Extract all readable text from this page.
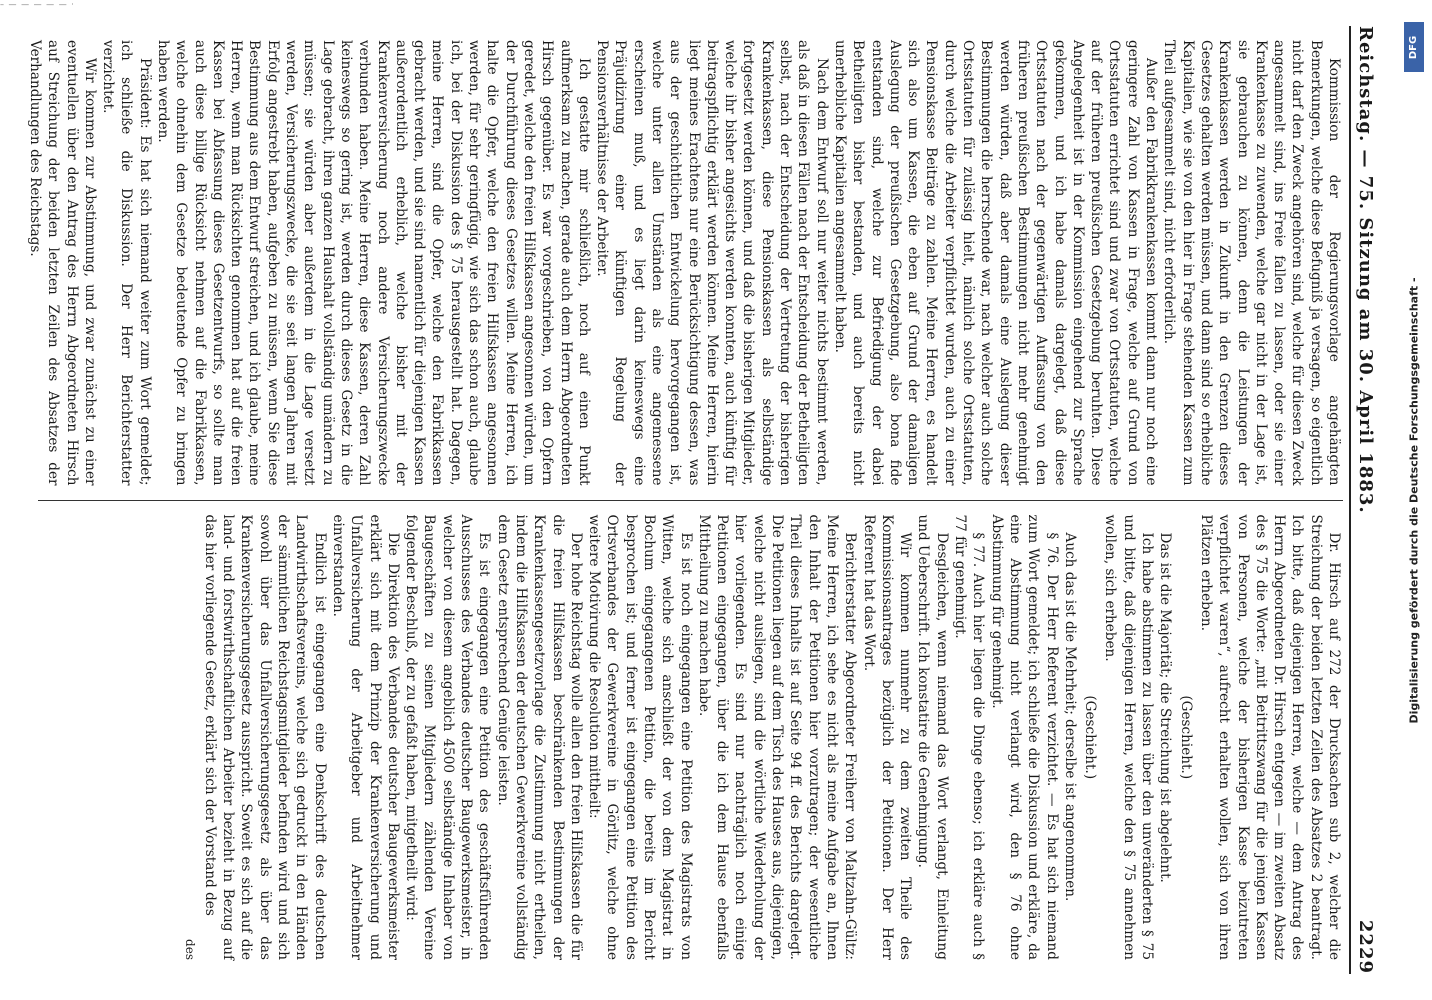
– — — — — — ·
Reichstag. — 75. Sitzung am 30. April 1883.
2229

Kommission der Regierungsvorlage angehängten Bemerkungen, welche diese Befugniß ja versagen, so eigentlich nicht darf den Zweck angehören sind, welche für diesen Zweck angesammelt sind, ins Freie fallen zu lassen, oder sie einer Krankenkasse zu zuwenden, welche gar nicht in der Lage ist, sie gebrauchen zu können, denn die Leistungen der Krankenkassen werden in Zukunft in den Grenzen dieses Gesetzes gehalten werden müssen, und dann sind so erhebliche Kapitalien, wie sie von den hier in Frage stehenden Kassen zum Theil aufgesammelt sind, nicht erforderlich.

Außer den Fabrikkrankenkassen kommt dann nur noch eine geringere Zahl von Kassen in Frage, welche auf Grund von Ortsstatuten errichtet sind und zwar von Ortsstatuten, welche auf der früheren preußischen Gesetzgebung beruhten. Diese Angelegenheit ist in der Kommission eingehend zur Sprache gekommen, und ich habe damals dargelegt, daß diese Ortsstatuten nach der gegenwärtigen Auffassung von den früheren preußischen Bestimmungen nicht mehr genehmigt werden würden, daß aber damals eine Auslegung dieser Bestimmungen die herrschende war, nach welcher auch solche Ortsstatuten für zulässig hielt, nämlich solche Ortsstatuten, durch welche die Arbeiter verpflichtet wurden, auch zu einer Pensionskasse Beiträge zu zahlen. Meine Herren, es handelt sich also um Kassen, die eben auf Grund der damaligen Auslegung der preußischen Gesetzgebung, also bona fide entstanden sind, welche zur Befriedigung der dabei Betheiligten bisher bestanden, und auch bereits nicht unerhebliche Kapitalien angesammelt haben.

Nach dem Entwurf soll nur weiter nichts bestimmt werden, als daß in diesen Fällen nach der Entscheidung der Betheiligten selbst, nach der Entscheidung der Vertretung der bisherigen Krankenkassen, diese Pensionskassen als selbständige fortgesetzt werden können, und daß die bisherigen Mitglieder, welche ihr bisher angesichts werden konnten, auch künftig für beitragspflichtig erklärt werden können. Meine Herren, hierin liegt meines Erachtens nur eine Berücksichtigung dessen, was aus der geschichtlichen Entwickelung hervorgegangen ist, welche unter allen Umständen als eine angemessene erscheinen muß, und es liegt darin keineswegs eine Präjudizirung einer künftigen Regelung der Pensionsverhältnisse der Arbeiter.

Ich gestatte mir schließlich, noch auf einen Punkt aufmerksam zu machen, gerade auch dem Herrn Abgeordneten Hirsch gegenüber. Es war vorgeschrieben, von den Opfern geredet, welche den freien Hilfskassen angesonnen würden, um der Durchführung dieses Gesetzes willen. Meine Herren, ich halte die Opfer, welche den freien Hilfskassen angesonnen werden, für sehr geringfügig, wie sich das schon auch, glaube ich, bei der Diskussion des § 75 herausgestellt hat. Dagegen, meine Herren, sind die Opfer, welche den Fabrikkassen gebracht werden, und sie sind namentlich für diejenigen Kassen außerordentlich erheblich, welche bisher mit der Krankenversicherung noch andere Versicherungszwecke verbunden haben. Meine Herren, diese Kassen, deren Zahl keineswegs so gering ist, werden durch dieses Gesetz in die Lage gebracht, ihren ganzen Haushalt vollständig umändern zu müssen; sie würden aber außerdem in die Lage versetzt werden, Versicherungszwecke, die sie seit langen Jahren mit Erfolg angestrebt haben, aufgeben zu müssen, wenn Sie diese Bestimmung aus dem Entwurf streichen, und ich glaube, meine Herren, wenn man Rücksichten genommen hat auf die freien Kassen bei Abfassung dieses Gesetzentwurfs, so sollte man auch diese billige Rücksicht nehmen auf die Fabrikkassen, welche ohnehin dem Gesetze bedeutende Opfer zu bringen haben werden.

Präsident: Es hat sich niemand weiter zum Wort gemeldet; ich schließe die Diskussion. Der Herr Berichterstatter verzichtet.

Wir kommen zur Abstimmung, und zwar zunächst zu einer eventuellen über den Antrag des Herrn Abgeordneten Hirsch auf Streichung der beiden letzten Zeilen des Absatzes der Verhandlungen des Reichstags.

Dr. Hirsch auf 272 der Drucksachen sub 2, welcher die Streichung der beiden letzten Zeilen des Absatzes 2 beantragt. Ich bitte, daß diejenigen Herren, welche — dem Antrag des Herrn Abgeordneten Dr. Hirsch entgegen — im zweiten Absatz des § 75 die Worte: „mit Beitrittszwang für die jenigen Kassen von Personen, welche der bisherigen Kasse beizutreten verpflichtet waren“, aufrecht erhalten wollen, sich von ihren Plätzen erheben.

(Geschieht.)

Das ist die Majorität; die Streichung ist abgelehnt.

Ich habe abstimmen zu lassen über den unveränderten § 75 und bitte, daß diejenigen Herren, welche den § 75 annehmen wollen, sich erheben.

(Geschieht.)

Auch das ist die Mehrheit; derselbe ist angenommen.

§ 76. Der Herr Referent verzichtet. — Es hat sich niemand zum Wort gemeldet; ich schließe die Diskussion und erkläre, da eine Abstimmung nicht verlangt wird, den § 76 ohne Abstimmung für genehmigt.

§ 77. Auch hier liegen die Dinge ebenso; ich erkläre auch § 77 für genehmigt.

Desgleichen, wenn niemand das Wort verlangt, Einleitung und Ueberschrift. Ich konstatire die Genehmigung.

Wir kommen nunmehr zu dem zweiten Theile des Kommissionsantrages bezüglich der Petitionen. Der Herr Referent hat das Wort.

Berichterstatter Abgeordneter Freiherr von Maltzahn-Gültz: Meine Herren, ich sehe es nicht als meine Aufgabe an, Ihnen den Inhalt der Petitionen hier vorzutragen; der wesentliche Theil dieses Inhalts ist auf Seite 94 ff. des Berichts dargelegt. Die Petitionen liegen auf dem Tisch des Hauses aus, diejenigen, welche nicht ausliegen, sind die wörtliche Wiederholung der hier vorliegenden. Es sind nur nachträglich noch einige Petitionen eingegangen, über die ich dem Hause ebenfalls Mittheilung zu machen habe.

Es ist noch eingegangen eine Petition des Magistrats von Witten, welche sich anschließt der von dem Magistrat in Bochum eingegangenen Petition, die bereits im Bericht besprochen ist; und ferner ist eingegangen eine Petition des Ortsverbandes der Gewerkvereine in Görlitz, welche ohne weitere Motivirung die Resolution mittheilt:

Der hohe Reichstag wolle allen den freien Hilfskassen die für die freien Hilfskassen beschränkenden Bestimmungen der Krankenkassengesetzvorlage die Zustimmung nicht ertheilen, indem die Hilfskassen der deutschen Gewerkvereine vollständig dem Gesetz entsprechend Genüge leisten.

Es ist eingegangen eine Petition des geschäftsführenden Ausschusses des Verbandes deutscher Baugewerksmeister, in welcher von diesem angeblich 4500 selbständige Inhaber von Baugeschäften zu seinen Mitgliedern zählenden Vereine folgender Beschluß, der zu gefaßt haben, mitgetheilt wird:

Die Direktion des Verbandes deutscher Baugewerksmeister erklärt sich mit dem Prinzip der Krankenversicherung und Unfallversicherung der Arbeitgeber und Arbeitnehmer einverstanden.

Endlich ist eingegangen eine Denkschrift des deutschen Landwirthschaftsvereins, welche sich gedruckt in den Händen der sämmtlichen Reichstagsmitglieder befinden wird und sich sowohl über das Unfallversicherungsgesetz als über das Krankenversicherungsgesetz ausspricht. Soweit es sich auf die land- und forstwirthschaftlichen Arbeiter bezieht in Bezug auf das hier vorliegende Gesetz, erklärt sich der Vorstand des

des
Digitalisierung gefördert durch die Deutsche Forschungsgemeinschaft -
DFG
